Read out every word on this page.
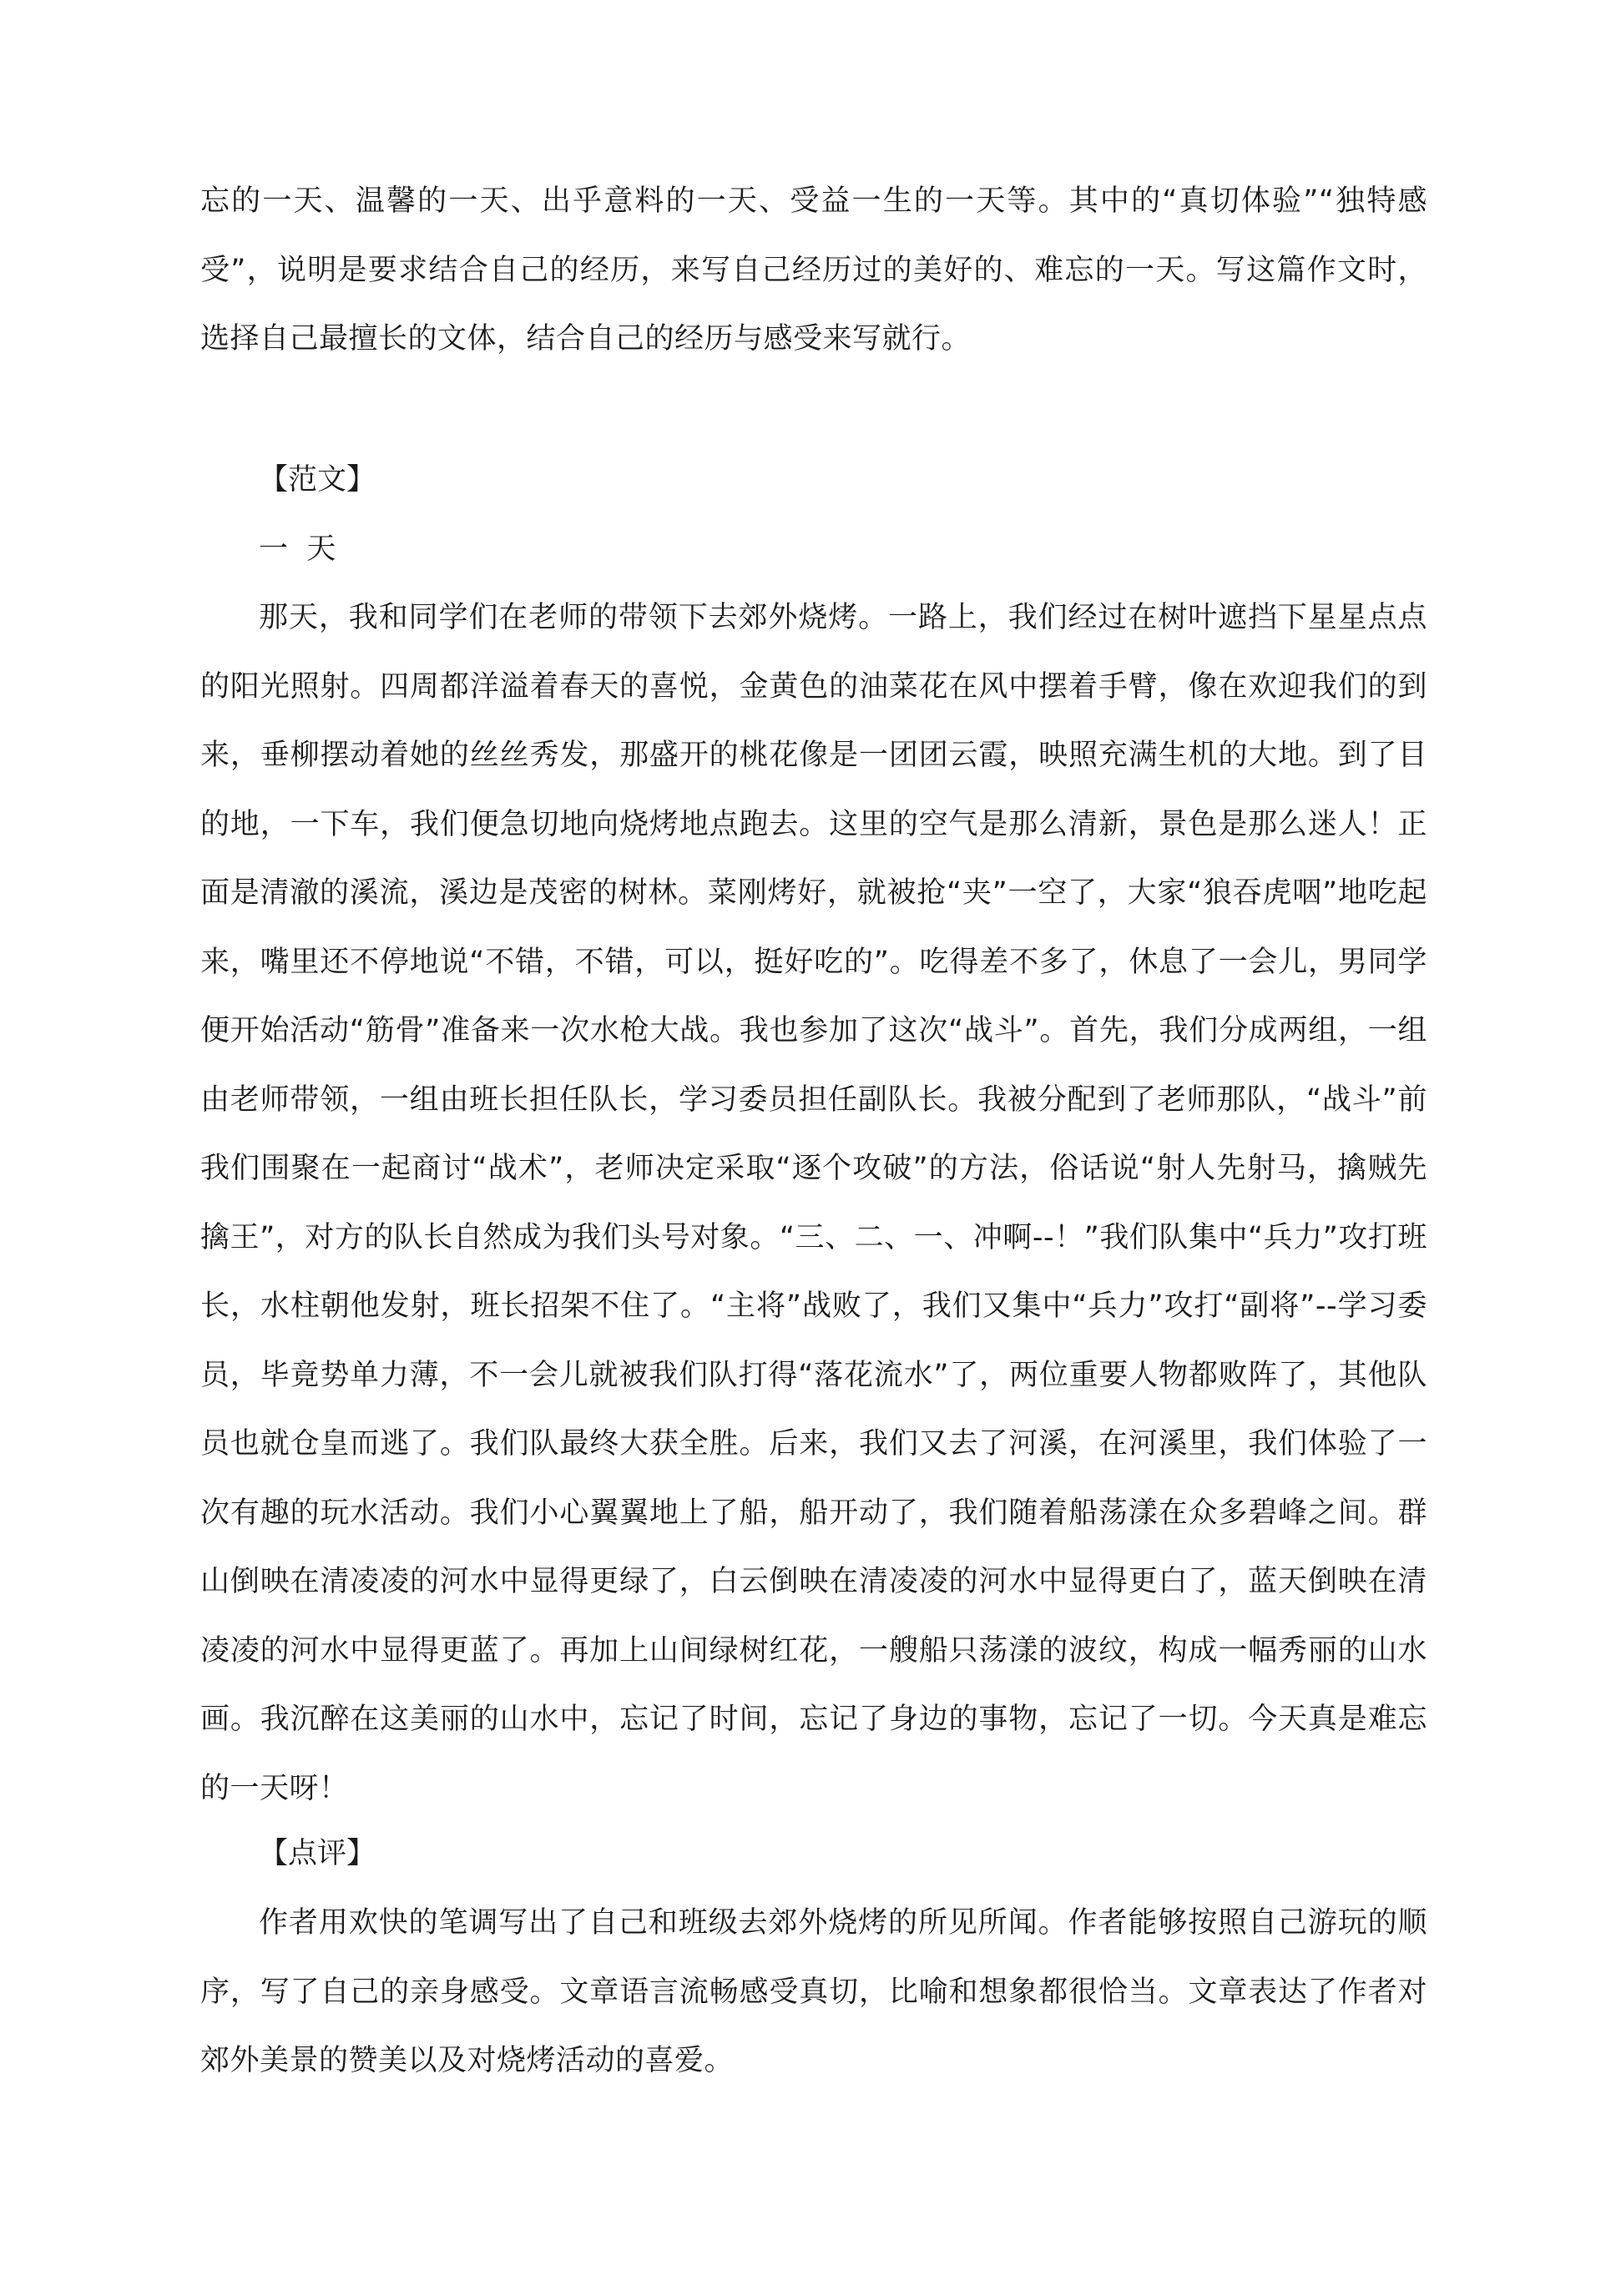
忘的一天、温馨的一天、出乎意料的一天、受益一生的一天等。其中的“真切体验”“独特感受”，说明是要求结合自己的经历，来写自己经历过的美好的、难忘的一天。写这篇作文时，选择自己最擅长的文体，结合自己的经历与感受来写就行。

【范文】

一  天

那天，我和同学们在老师的带领下去郊外烧烤。一路上，我们经过在树叶遮挡下星星点点的阳光照射。四周都洋溢着春天的喜悦，金黄色的油菜花在风中摆着手臂，像在欢迎我们的到来，垂柳摆动着她的丝丝秀发，那盛开的桃花像是一团团云霞，映照充满生机的大地。到了目的地，一下车，我们便急切地向烧烤地点跑去。这里的空气是那么清新，景色是那么迷人！正面是清澈的溪流，溪边是茂密的树林。菜刚烤好，就被抢“夹”一空了，大家“狼吞虎咽”地吃起来，嘴里还不停地说“不错，不错，可以，挺好吃的”。吃得差不多了，休息了一会儿，男同学便开始活动“筋骨”准备来一次水枪大战。我也参加了这次“战斗”。首先，我们分成两组，一组由老师带领，一组由班长担任队长，学习委员担任副队长。我被分配到了老师那队，“战斗”前我们围聚在一起商讨“战术”，老师决定采取“逐个攻破”的方法，俗话说“射人先射马，擒贼先擒王”，对方的队长自然成为我们头号对象。“三、二、一、冲啊--！”我们队集中“兵力”攻打班长，水柱朝他发射，班长招架不住了。“主将”战败了，我们又集中“兵力”攻打“副将”--学习委员，毕竟势单力薄，不一会儿就被我们队打得“落花流水”了，两位重要人物都败阵了，其他队员也就仓皇而逃了。我们队最终大获全胜。后来，我们又去了河溪，在河溪里，我们体验了一次有趣的玩水活动。我们小心翼翼地上了船，船开动了，我们随着船荡漾在众多碧峰之间。群山倒映在清凌凌的河水中显得更绿了，白云倒映在清凌凌的河水中显得更白了，蓝天倒映在清凌凌的河水中显得更蓝了。再加上山间绿树红花，一艘船只荡漾的波纹，构成一幅秀丽的山水画。我沉醉在这美丽的山水中，忘记了时间，忘记了身边的事物，忘记了一切。今天真是难忘的一天呀！

【点评】

作者用欢快的笔调写出了自己和班级去郊外烧烤的所见所闻。作者能够按照自己游玩的顺序，写了自己的亲身感受。文章语言流畅感受真切，比喻和想象都很恰当。文章表达了作者对郊外美景的赞美以及对烧烤活动的喜爱。
